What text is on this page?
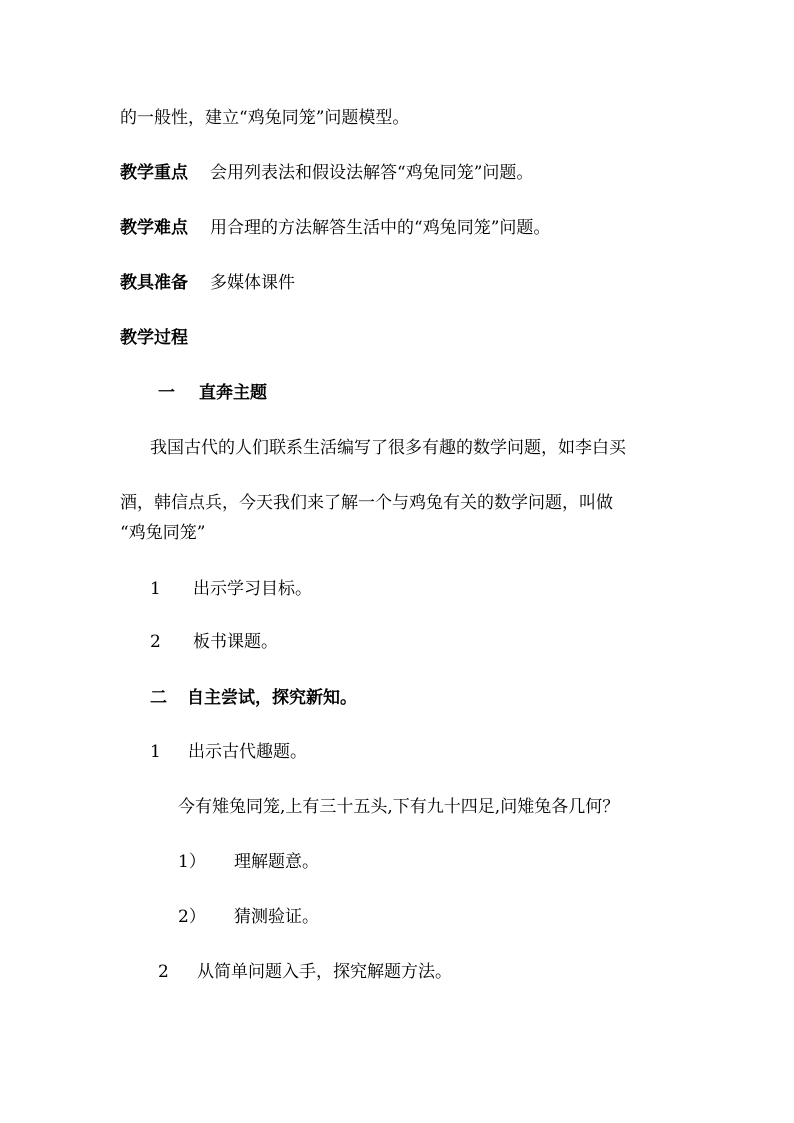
的一般性，建立“鸡兔同笼”问题模型。
教学重点 会用列表法和假设法解答“鸡兔同笼”问题。
教学难点 用合理的方法解答生活中的“鸡兔同笼”问题。
教具准备 多媒体课件
教学过程
一 直奔主题
我国古代的人们联系生活编写了很多有趣的数学问题，如李白买
酒，韩信点兵，今天我们来了解一个与鸡兔有关的数学问题，叫做
“鸡兔同笼”
1 出示学习目标。
2 板书课题。
二 自主尝试，探究新知。
1 出示古代趣题。
今有雉兔同笼,上有三十五头,下有九十四足,问雉兔各几何？
1） 理解题意。
2） 猜测验证。
2 从简单问题入手，探究解题方法。
